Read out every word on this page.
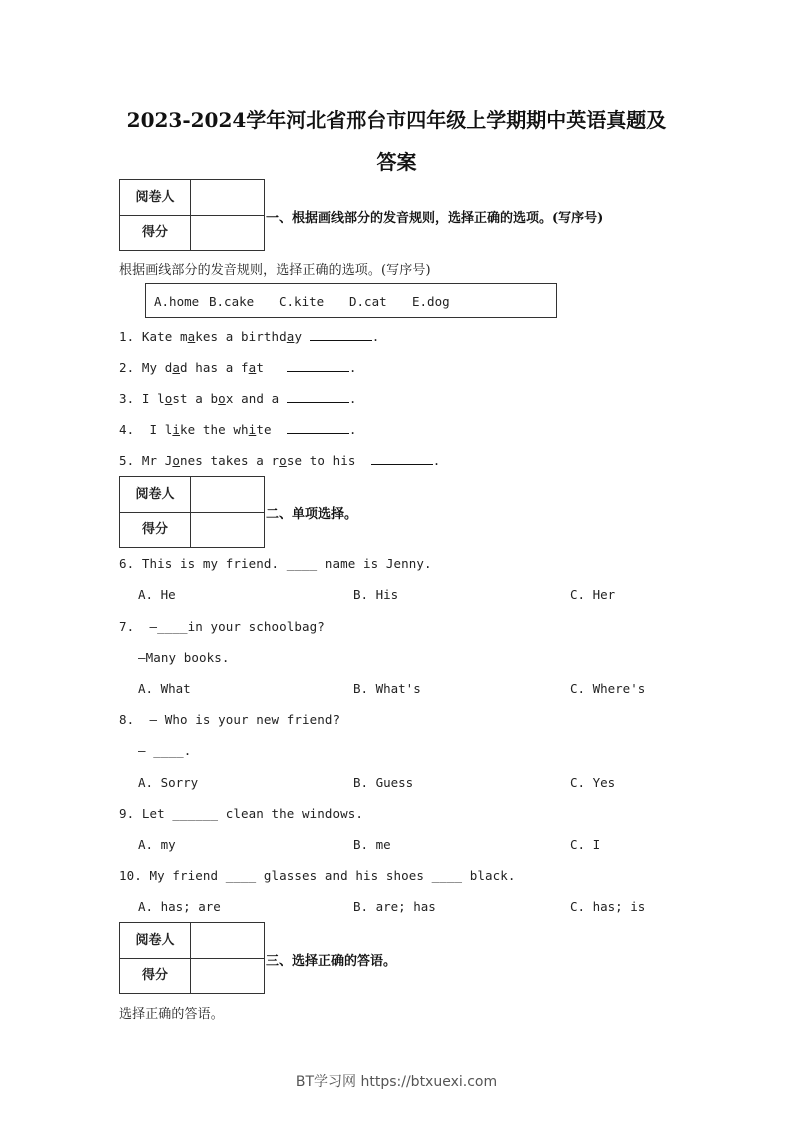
2023-2024学年河北省邢台市四年级上学期期中英语真题及
答案
阅卷人
得分
一、根据画线部分的发音规则，选择正确的选项。(写序号)
根据画线部分的发音规则，选择正确的选项。(写序号)
A.home B.cake C.kite D.cat E.dog
1. Kate makes a birthday	.
2. My dad has a fat	.
3. I lost a box and a	.
4.  I like the white	.
5. Mr Jones takes a rose to his	.
阅卷人
得分
二、单项选择。
6. This is my friend. ____ name is Jenny.
A. He	B. His	C. Her
7.  —____in your schoolbag?
—Many books.
A. What	B. What's	C. Where's
8.  — Who is your new friend?
— ____.
A. Sorry	B. Guess	C. Yes
9. Let ______ clean the windows.
A. my	B. me	C. I
10. My friend ____ glasses and his shoes ____ black.
A. has; are	B. are; has	C. has; is
阅卷人
得分
三、选择正确的答语。
选择正确的答语。
BT学习网 https://btxuexi.com
